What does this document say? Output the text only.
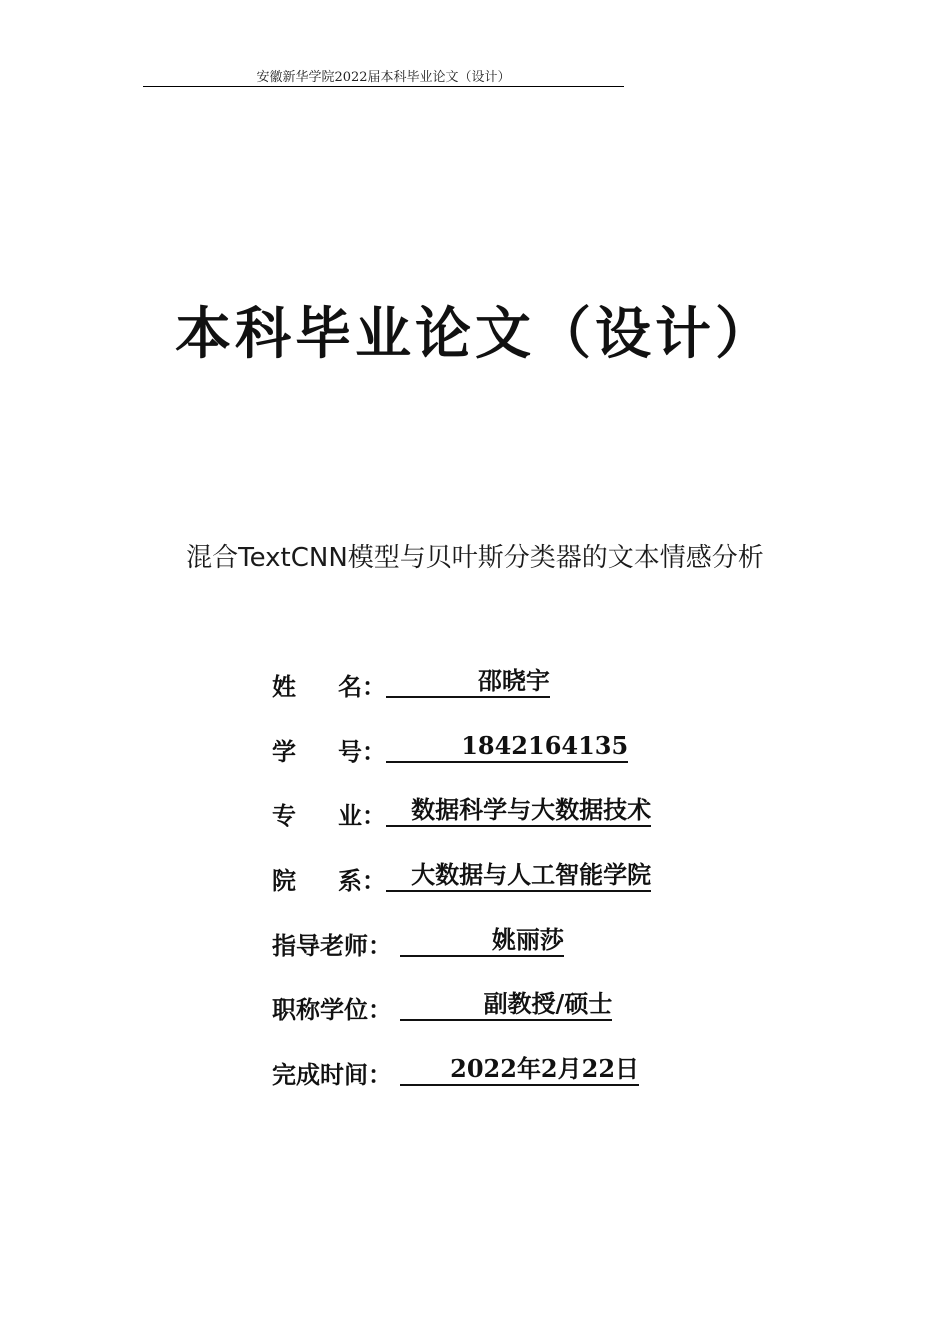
安徽新华学院2022届本科毕业论文（设计）
本科毕业论文（设计）
混合TextCNN模型与贝叶斯分类器的文本情感分析
姓 名：	邵晓宇
学 号：	1842164135
专 业：	数据科学与大数据技术
院 系：	大数据与人工智能学院
指导老师：	姚丽莎
职称学位：	副教授/硕士
完成时间：	2022年2月22日
